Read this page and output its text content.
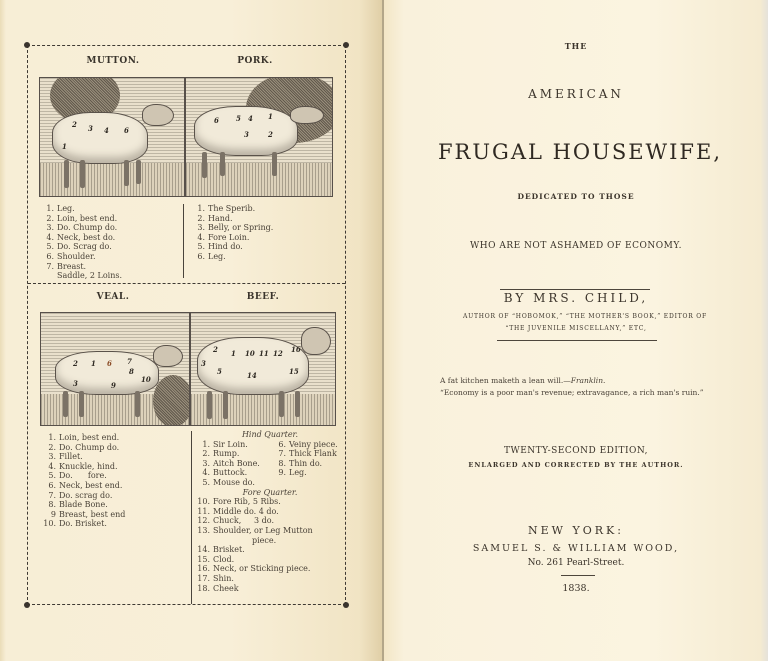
MUTTON.
2 3 4 6
1
PORK.
6 5 4 1
3	2
1. Leg.
2. Loin, best end.
3. Do. Chump do.
4. Neck, best do.
5. Do. Scrag do.
6. Shoulder.
7. Breast.
Saddle, 2 Loins.
1. The Sperib.
2. Hand.
3. Belly, or Spring.
4. Fore Loin.
5. Hind do.
6. Leg.
VEAL.
2 1 6 7
8
3	9
10
BEEF.
2 1 10 11 12 16
3
5	14	15
1. Loin, best end.
2. Do. Chump do.
3. Fillet.
4. Knuckle, hind.
5. Do.      fore.
6. Neck, best end.
7. Do. scrag do.
8. Blade Bone.
9 Breast, best end
10. Do. Brisket.
Hind Quarter.
1. Sir Loin.	6. Veiny piece.
2. Rump.	7. Thick Flank
3. Aitch Bone.	8. Thin do.
4. Buttock.	9. Leg.
5. Mouse do.
Fore Quarter.
10. Fore Rib, 5 Ribs.
11. Middle do. 4 do.
12. Chuck,     3 do.
13. Shoulder, or Leg Mutton
piece.
14. Brisket.
15. Clod.
16. Neck, or Sticking piece.
17. Shin.
18. Cheek
THE
AMERICAN
FRUGAL HOUSEWIFE,
DEDICATED TO THOSE
WHO ARE NOT ASHAMED OF ECONOMY.
BY MRS. CHILD,
AUTHOR OF “HOBOMOK,” “THE MOTHER'S BOOK,” EDITOR OF
“THE JUVENILE MISCELLANY,” ETC,
A fat kitchen maketh a lean will.—Franklin.
“Economy is a poor man's revenue; extravagance, a rich man's ruin.”
TWENTY-SECOND EDITION,
ENLARGED AND CORRECTED BY THE AUTHOR.
NEW YORK:
SAMUEL S. & WILLIAM WOOD,
No. 261 Pearl-Street.
1838.
